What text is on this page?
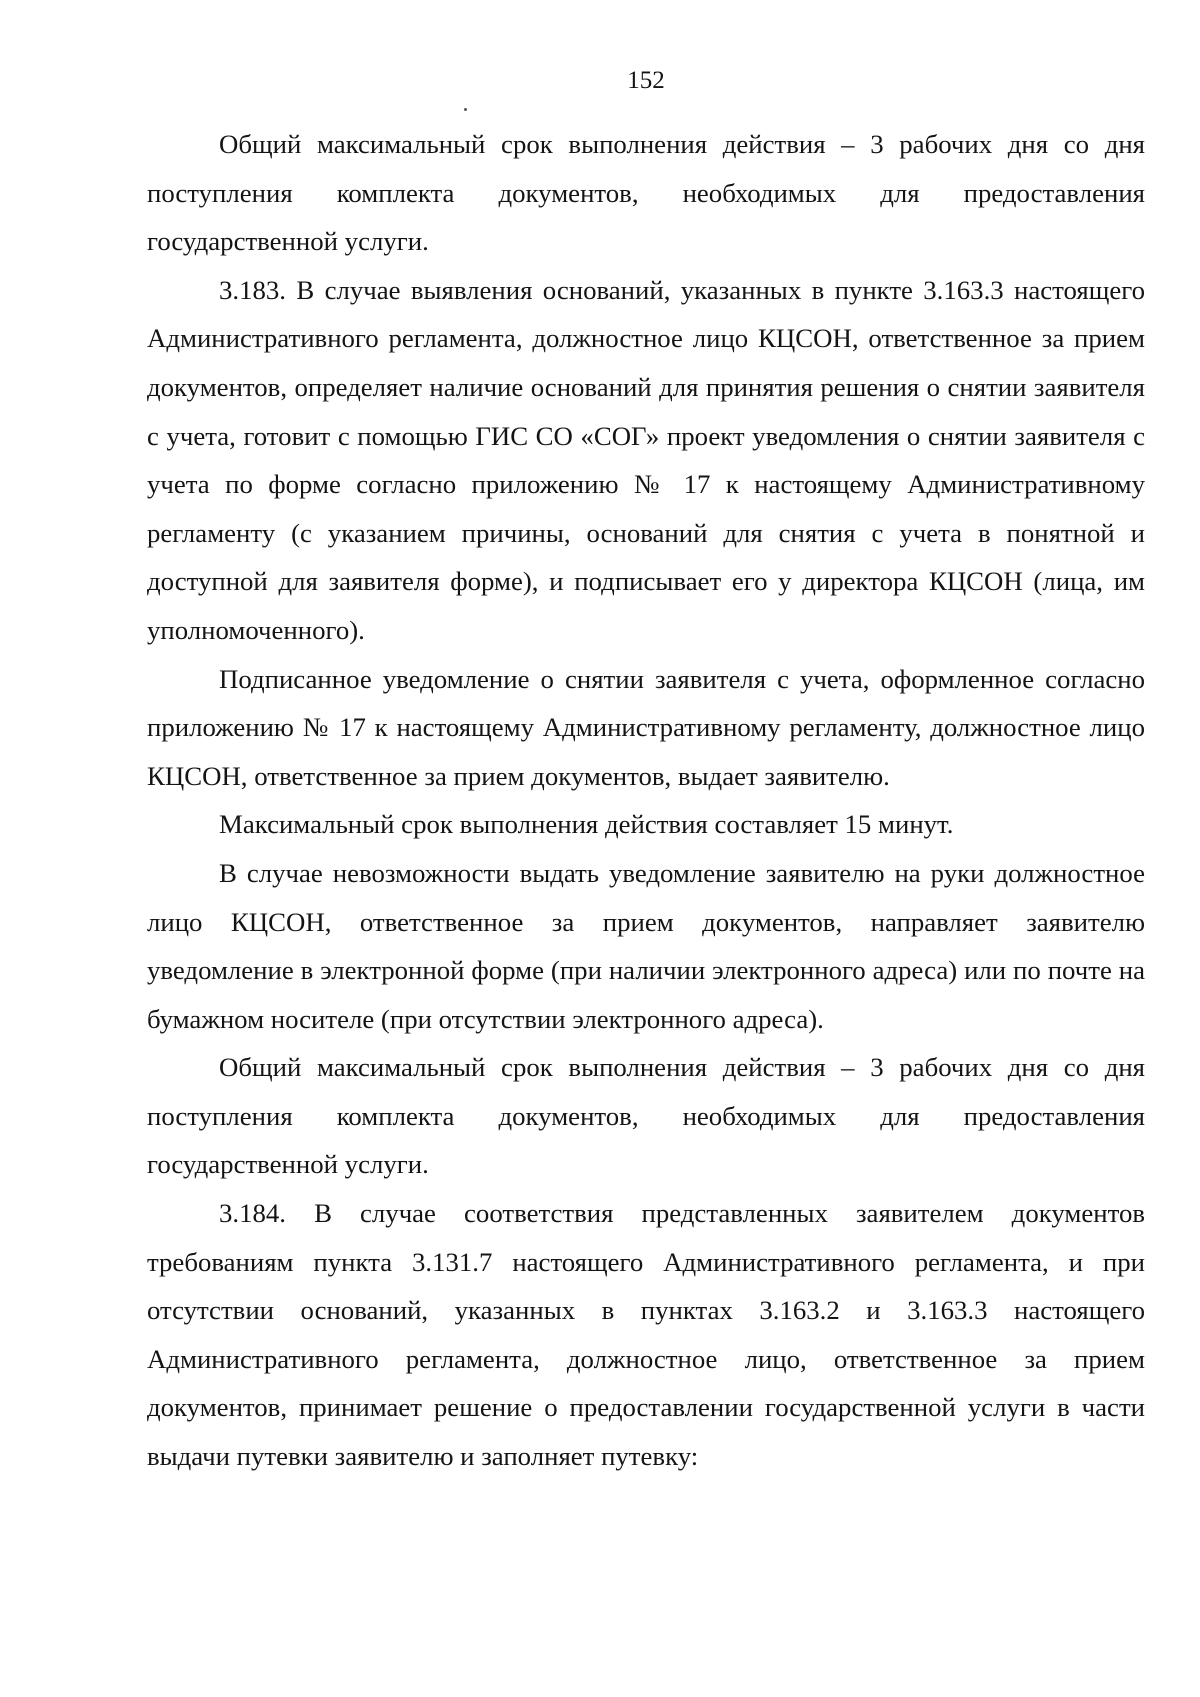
152

Общий максимальный срок выполнения действия – 3 рабочих дня со дня поступления комплекта документов, необходимых для предоставления государственной услуги.

3.183. В случае выявления оснований, указанных в пункте 3.163.3 настоящего Административного регламента, должностное лицо КЦСОН, ответственное за прием документов, определяет наличие оснований для принятия решения о снятии заявителя с учета, готовит с помощью ГИС СО «СОГ» проект уведомления о снятии заявителя с учета по форме согласно приложению № 17 к настоящему Административному регламенту (с указанием причины, оснований для снятия с учета в понятной и доступной для заявителя форме), и подписывает его у директора КЦСОН (лица, им уполномоченного).

Подписанное уведомление о снятии заявителя с учета, оформленное согласно приложению № 17 к настоящему Административному регламенту, должностное лицо КЦСОН, ответственное за прием документов, выдает заявителю.

Максимальный срок выполнения действия составляет 15 минут.

В случае невозможности выдать уведомление заявителю на руки должностное лицо КЦСОН, ответственное за прием документов, направляет заявителю уведомление в электронной форме (при наличии электронного адреса) или по почте на бумажном носителе (при отсутствии электронного адреса).

Общий максимальный срок выполнения действия – 3 рабочих дня со дня поступления комплекта документов, необходимых для предоставления государственной услуги.

3.184. В случае соответствия представленных заявителем документов требованиям пункта 3.131.7 настоящего Административного регламента, и при отсутствии оснований, указанных в пунктах 3.163.2 и 3.163.3 настоящего Административного регламента, должностное лицо, ответственное за прием документов, принимает решение о предоставлении государственной услуги в части выдачи путевки заявителю и заполняет путевку:
